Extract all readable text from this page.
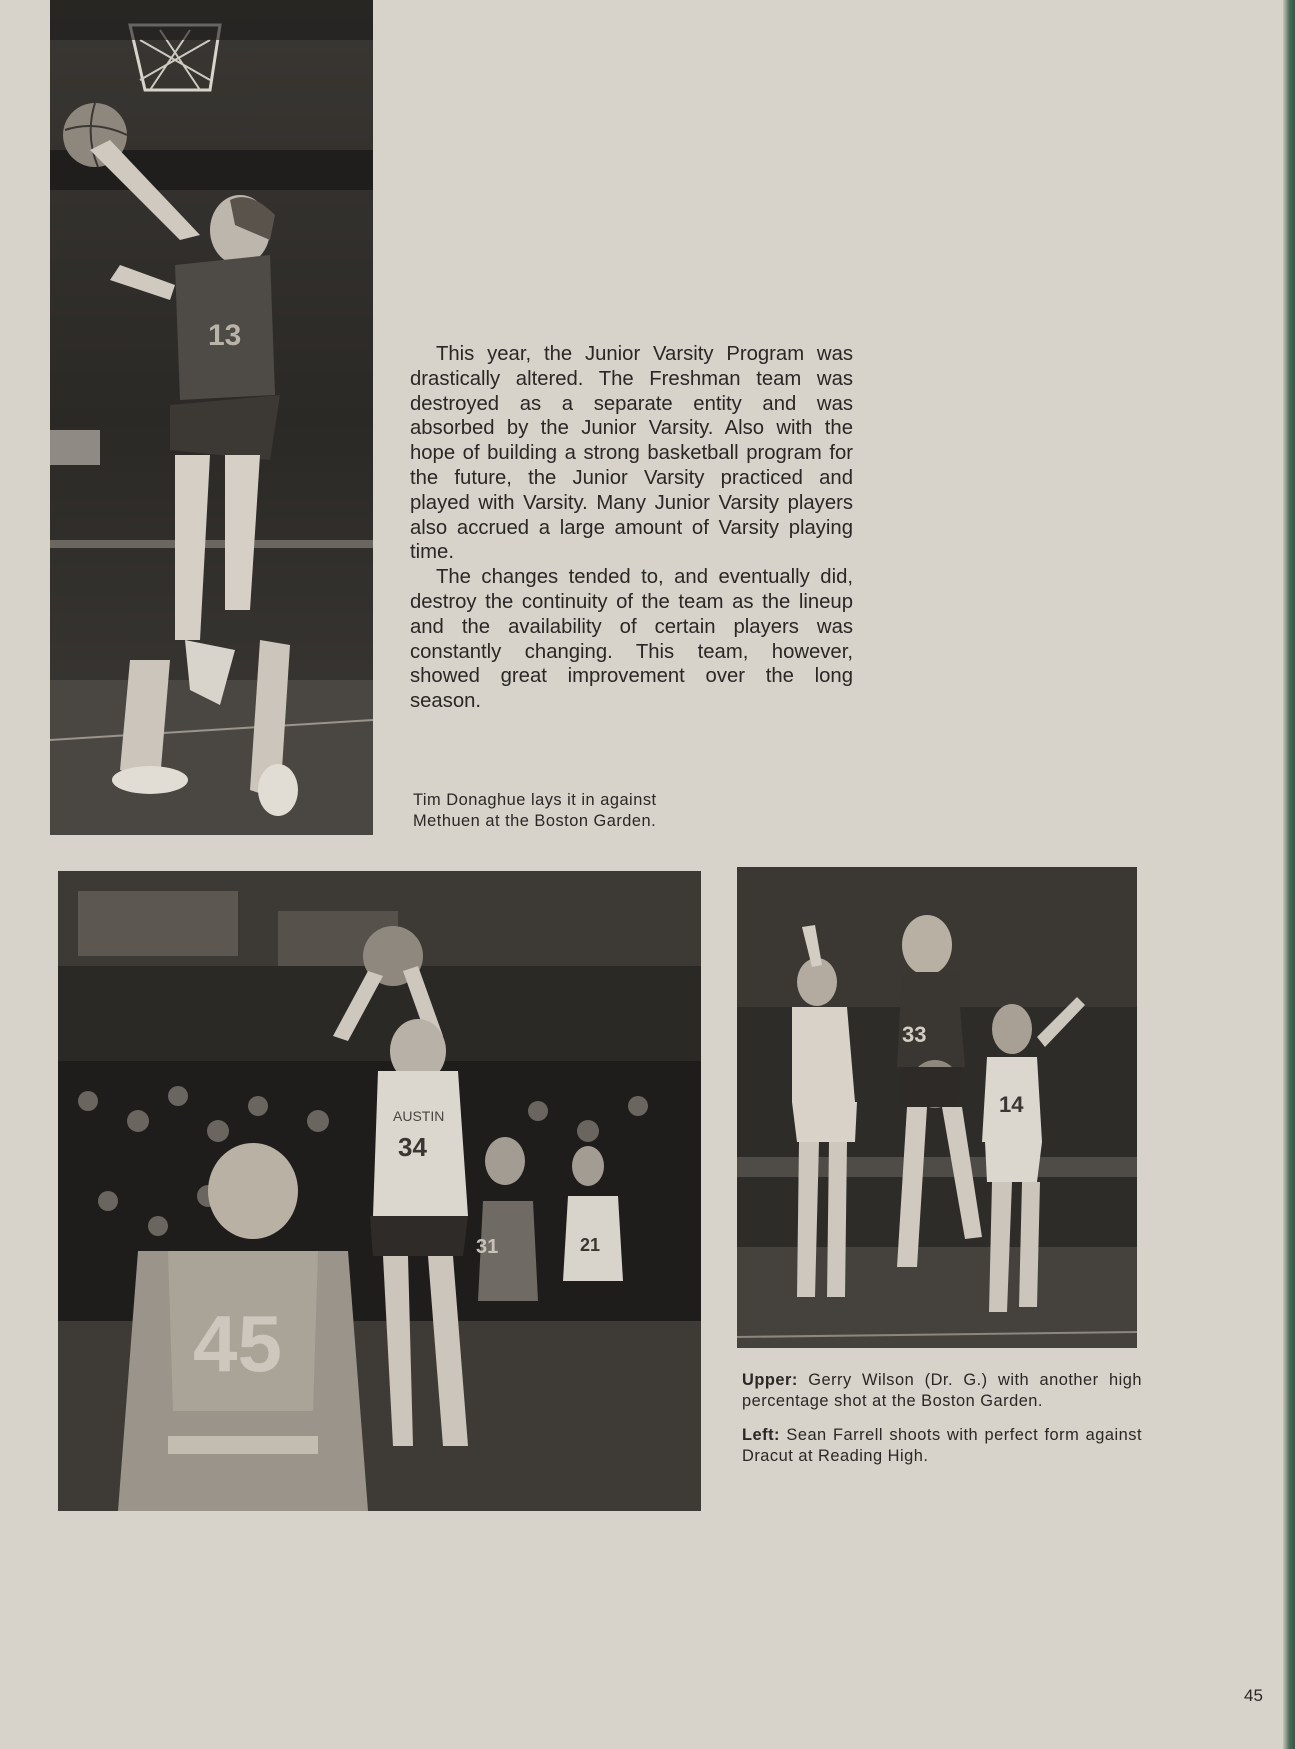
13

This year, the Junior Varsity Program was drastically altered. The Freshman team was destroyed as a separate entity and was absorbed by the Junior Varsity. Also with the hope of building a strong basketball program for the future, the Junior Varsity practiced and played with Varsity. Many Junior Varsity players also accrued a large amount of Varsity playing time.

The changes tended to, and eventually did, destroy the continuity of the team as the lineup and the availability of certain players was constantly changing. This team, however, showed great improvement over the long season.

Tim Donaghue lays it in against Methuen at the Boston Garden.
34
AUSTIN
31	21
45
33
14

Upper: Gerry Wilson (Dr. G.) with another high percentage shot at the Boston Garden.

Left: Sean Farrell shoots with perfect form against Dracut at Reading High.

45
